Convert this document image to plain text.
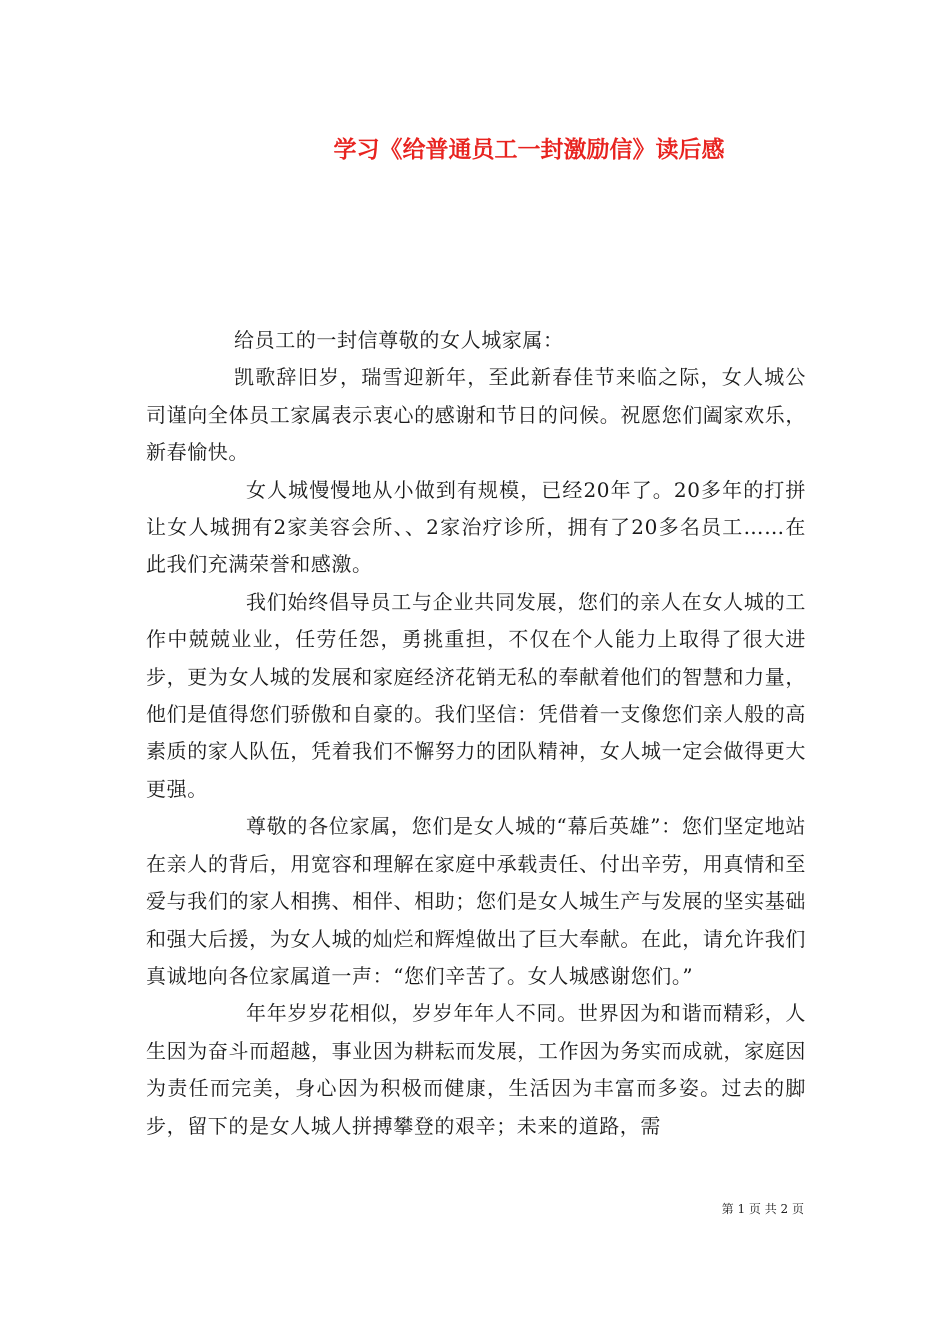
学习《给普通员工一封激励信》读后感

给员工的一封信尊敬的女人城家属：

凯歌辞旧岁，瑞雪迎新年，至此新春佳节来临之际，女人城公司谨向全体员工家属表示衷心的感谢和节日的问候。祝愿您们阖家欢乐，新春愉快。

女人城慢慢地从小做到有规模，已经20年了。20多年的打拼让女人城拥有2家美容会所、、2家治疗诊所，拥有了20多名员工……在此我们充满荣誉和感激。

我们始终倡导员工与企业共同发展，您们的亲人在女人城的工作中兢兢业业，任劳任怨，勇挑重担，不仅在个人能力上取得了很大进步，更为女人城的发展和家庭经济花销无私的奉献着他们的智慧和力量，他们是值得您们骄傲和自豪的。我们坚信：凭借着一支像您们亲人般的高素质的家人队伍，凭着我们不懈努力的团队精神，女人城一定会做得更大更强。

尊敬的各位家属，您们是女人城的“幕后英雄”：您们坚定地站在亲人的背后，用宽容和理解在家庭中承载责任、付出辛劳，用真情和至爱与我们的家人相携、相伴、相助；您们是女人城生产与发展的坚实基础和强大后援，为女人城的灿烂和辉煌做出了巨大奉献。在此，请允许我们真诚地向各位家属道一声：“您们辛苦了。女人城感谢您们。”

年年岁岁花相似，岁岁年年人不同。世界因为和谐而精彩，人生因为奋斗而超越，事业因为耕耘而发展，工作因为务实而成就，家庭因为责任而完美，身心因为积极而健康，生活因为丰富而多姿。过去的脚步，留下的是女人城人拼搏攀登的艰辛；未来的道路，需

第 1 页 共 2 页
